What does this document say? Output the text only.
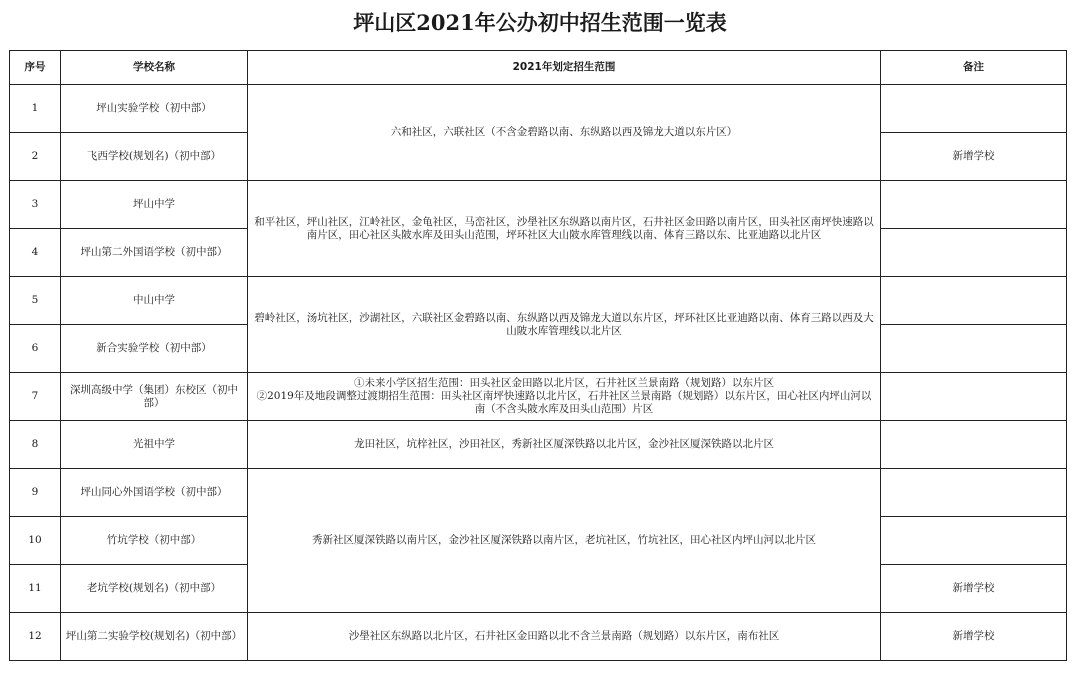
坪山区2021年公办初中招生范围一览表
序号	学校名称	2021年划定招生范围	备注
1	坪山实验学校（初中部）	六和社区，六联社区（不含金碧路以南、东纵路以西及锦龙大道以东片区）	
2	飞西学校(规划名)（初中部）		新增学校
3	坪山中学	和平社区，坪山社区，江岭社区，金龟社区，马峦社区，沙壆社区东纵路以南片区，石井社区金田路以南片区，田头社区南坪快速路以南片区，田心社区头陂水库及田头山范围，坪环社区大山陂水库管理线以南、体育三路以东、比亚迪路以北片区	
4	坪山第二外国语学校（初中部）		
5	中山中学	碧岭社区，汤坑社区，沙湖社区，六联社区金碧路以南、东纵路以西及锦龙大道以东片区，坪环社区比亚迪路以南、体育三路以西及大山陂水库管理线以北片区	
6	新合实验学校（初中部）		
7	深圳高级中学（集团）东校区（初中部）	①未来小学区招生范围：田头社区金田路以北片区，石井社区兰景南路（规划路）以东片区
②2019年及地段调整过渡期招生范围：田头社区南坪快速路以北片区，石井社区兰景南路（规划路）以东片区，田心社区内坪山河以南（不含头陂水库及田头山范围）片区	

8	光祖中学	龙田社区，坑梓社区，沙田社区，秀新社区厦深铁路以北片区，金沙社区厦深铁路以北片区	
9	坪山同心外国语学校（初中部）	秀新社区厦深铁路以南片区，金沙社区厦深铁路以南片区，老坑社区，竹坑社区，田心社区内坪山河以北片区	
10	竹坑学校（初中部）		
11	老坑学校(规划名)（初中部）		新增学校
12	坪山第二实验学校(规划名)（初中部）	沙壆社区东纵路以北片区，石井社区金田路以北不含兰景南路（规划路）以东片区，南布社区	新增学校
